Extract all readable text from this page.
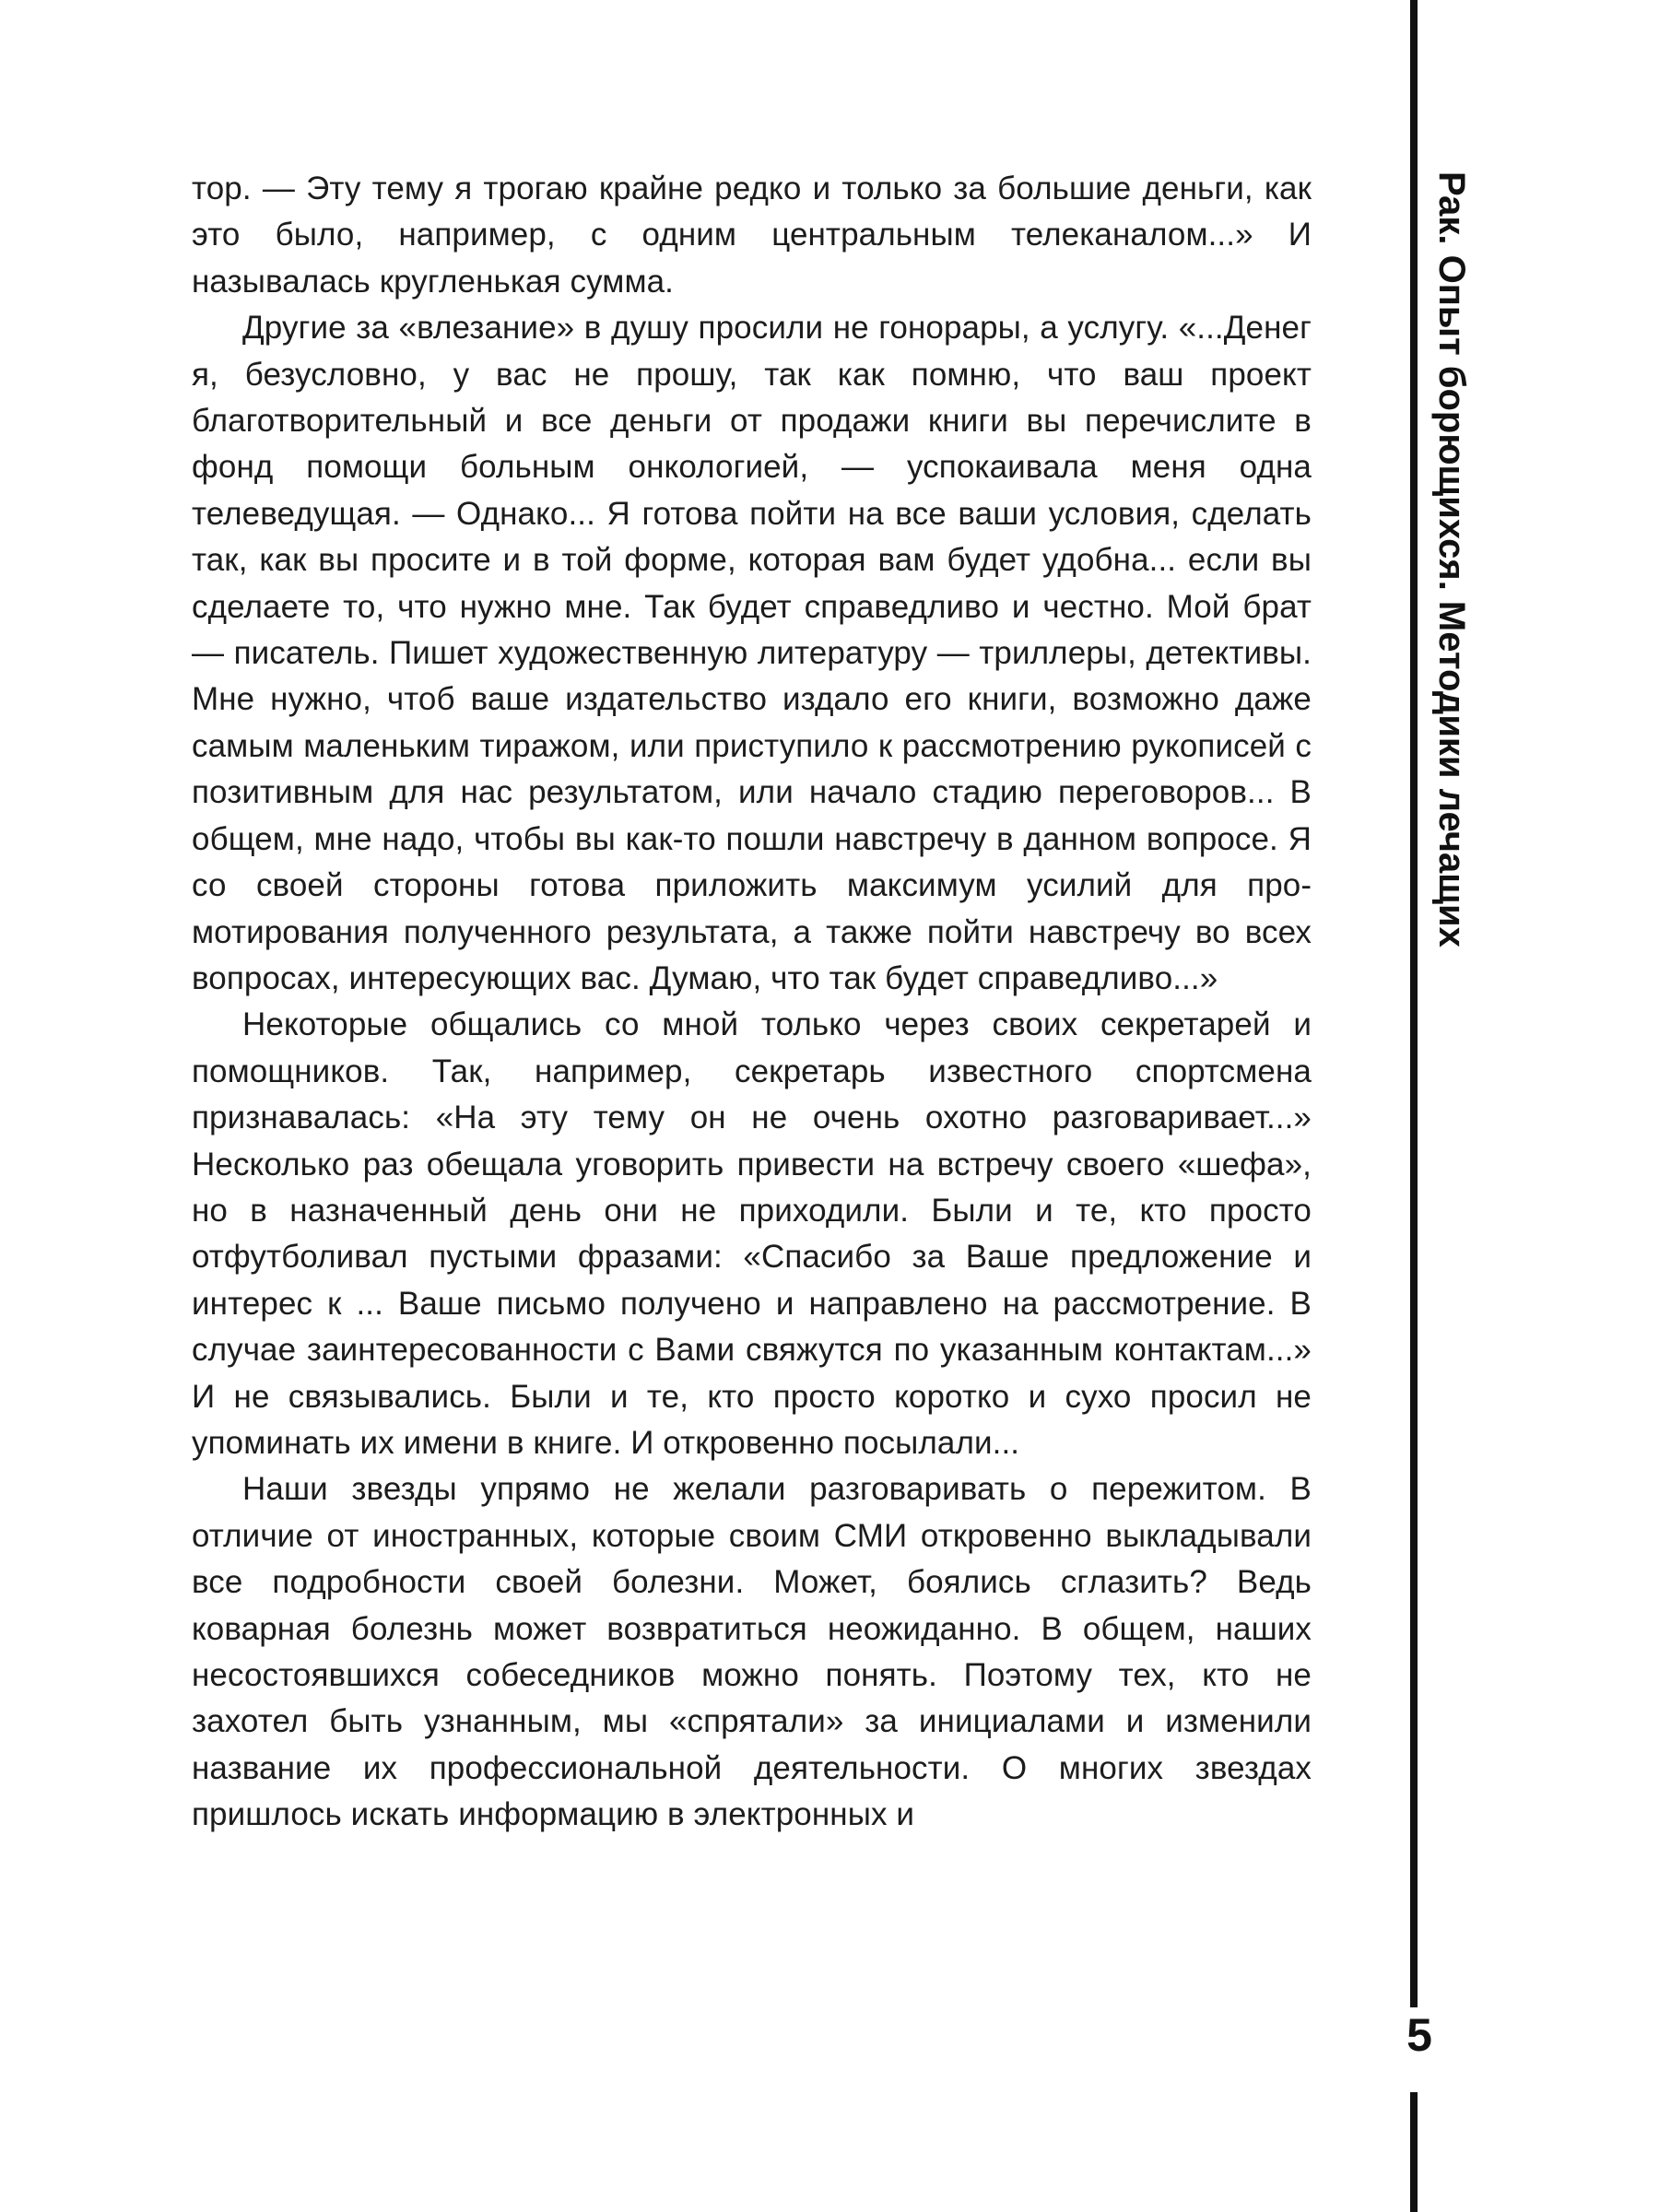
тор. — Эту тему я трогаю крайне редко и только за большие деньги, как это было, например, с одним центральным телеканалом...» И называлась кругленькая сумма.

Другие за «влезание» в душу просили не гонорары, а услугу. «...Денег я, безусловно, у вас не прошу, так как помню, что ваш проект благотворительный и все деньги от продажи книги вы перечислите в фонд помощи больным онкологией, — успокаивала меня одна телеведущая. — Однако... Я готова пойти на все ваши условия, сделать так, как вы просите и в той форме, которая вам будет удобна... если вы сделаете то, что нужно мне. Так будет справедливо и честно. Мой брат — писатель. Пишет художественную литературу — триллеры, детективы. Мне нужно, чтоб ваше издательство издало его книги, возможно даже самым маленьким тиражом, или приступило к рассмотрению рукописей с позитивным для нас результатом, или начало стадию переговоров... В общем, мне надо, чтобы вы как-то пошли навстречу в данном вопросе. Я со своей стороны готова приложить максимум усилий для промотирования полученного результата, а также пойти навстречу во всех вопросах, интересующих вас. Думаю, что так будет справедливо...»

Некоторые общались со мной только через своих секретарей и помощников. Так, например, секретарь известного спортсмена признавалась: «На эту тему он не очень охотно разговаривает...» Несколько раз обещала уговорить привести на встречу своего «шефа», но в назначенный день они не приходили. Были и те, кто просто отфутболивал пустыми фразами: «Спасибо за Ваше предложение и интерес к ... Ваше письмо получено и направлено на рассмотрение. В случае заинтересованности с Вами свяжутся по указанным контактам...» И не связывались. Были и те, кто просто коротко и сухо просил не упоминать их имени в книге. И откровенно посылали...

Наши звезды упрямо не желали разговаривать о пережитом. В отличие от иностранных, которые своим СМИ откровенно выкладывали все подробности своей болезни. Может, боялись сглазить? Ведь коварная болезнь может возвратиться неожиданно. В общем, наших несостоявшихся собеседников можно понять. Поэтому тех, кто не захотел быть узнанным, мы «спрятали» за инициалами и изменили название их профессиональной деятельности. О многих звездах пришлось искать информацию в электронных и

Рак. Опыт борющихся. Методики лечащих
5
